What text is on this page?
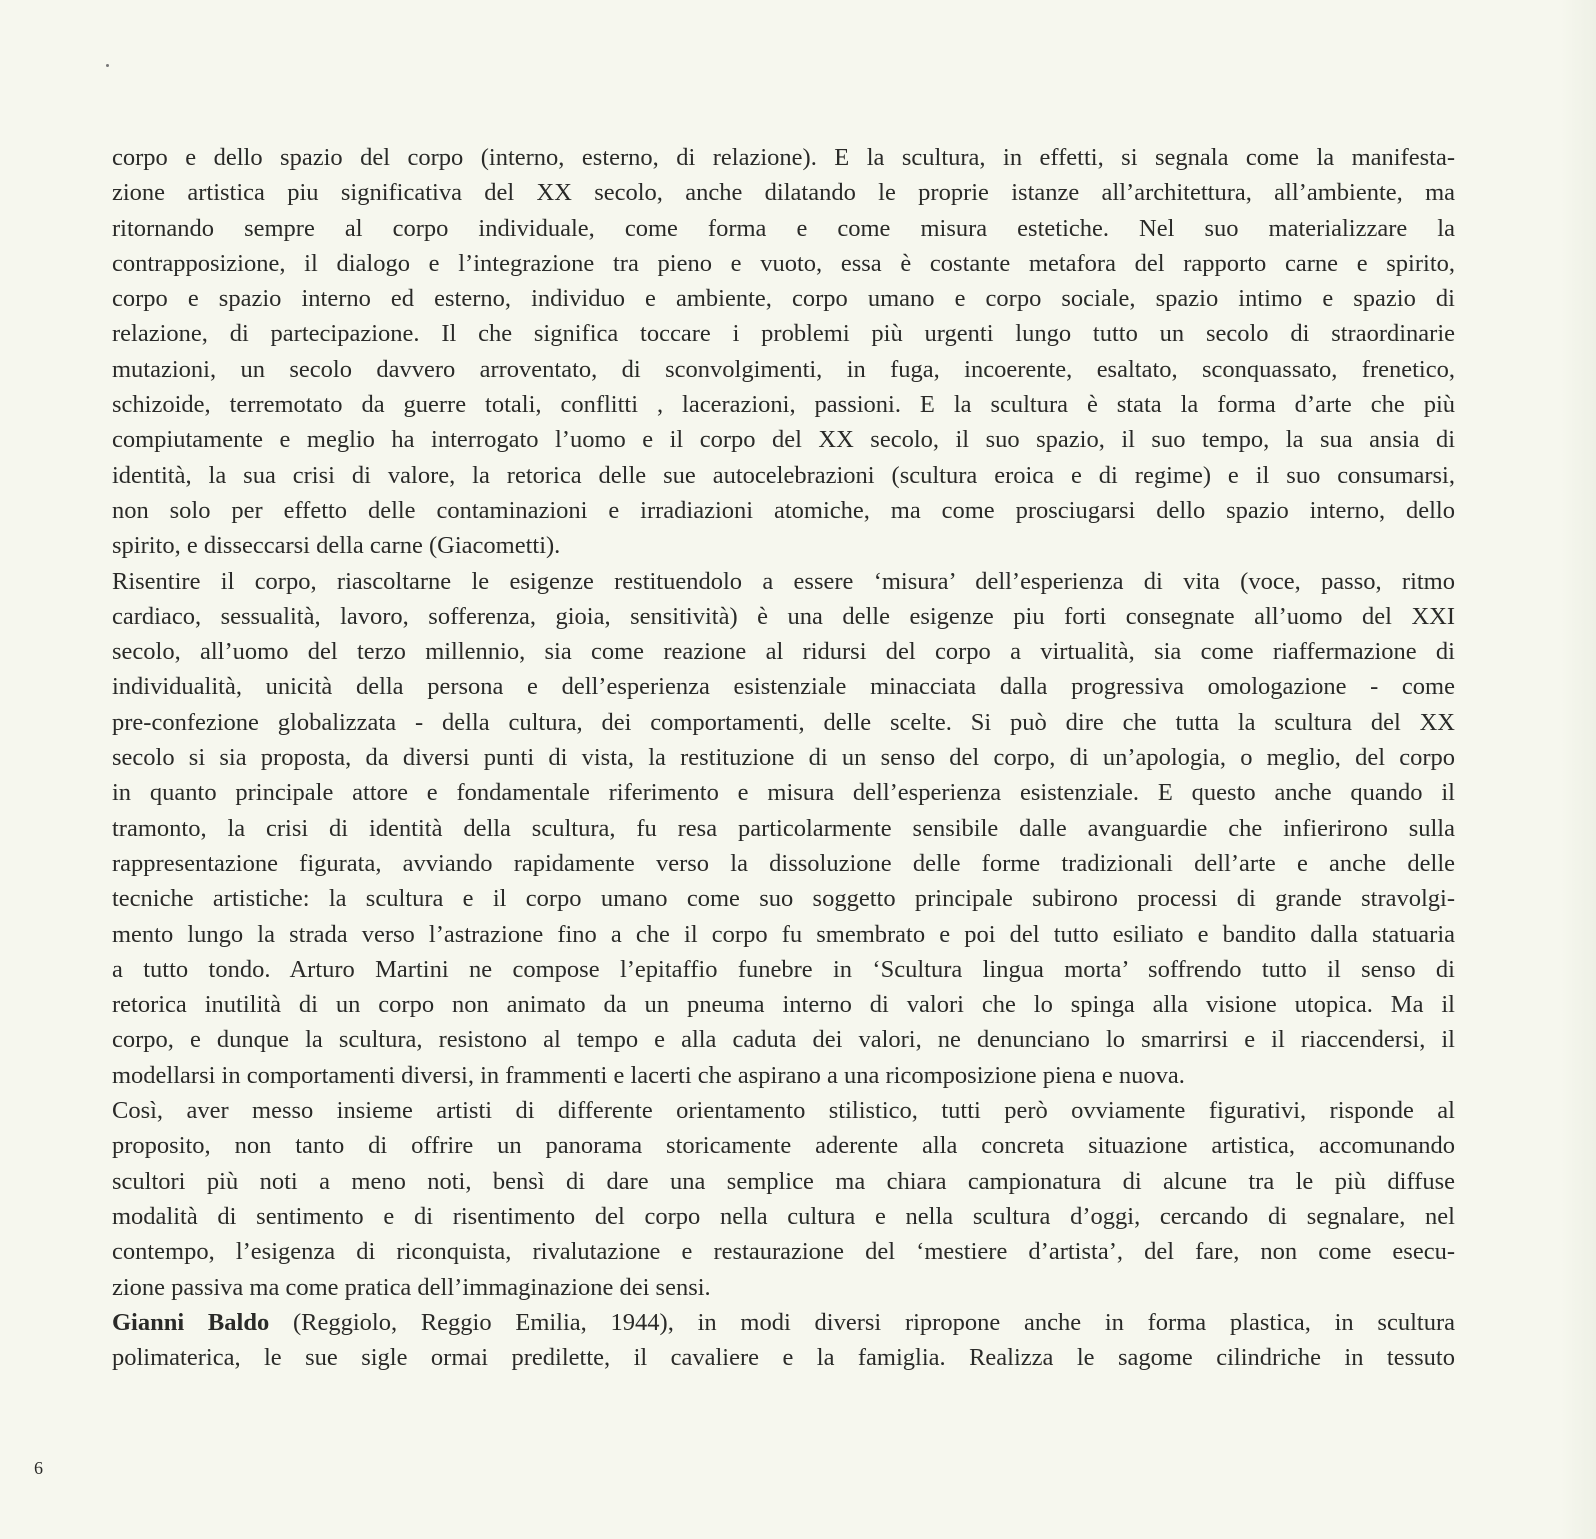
corpo e dello spazio del corpo (interno, esterno, di relazione). E la scultura, in effetti, si segnala come la manifesta-
zione artistica piu significativa del XX secolo, anche dilatando le proprie istanze all’architettura, all’ambiente, ma
ritornando sempre al corpo individuale, come forma e come misura estetiche. Nel suo materializzare la
contrapposizione, il dialogo e l’integrazione tra pieno e vuoto, essa è costante metafora del rapporto carne e spirito,
corpo e spazio interno ed esterno, individuo e ambiente, corpo umano e corpo sociale, spazio intimo e spazio di
relazione, di partecipazione. Il che significa toccare i problemi più urgenti lungo tutto un secolo di straordinarie
mutazioni, un secolo davvero arroventato, di sconvolgimenti, in fuga, incoerente, esaltato, sconquassato, frenetico,
schizoide, terremotato da guerre totali, conflitti , lacerazioni, passioni. E la scultura è stata la forma d’arte che più
compiutamente e meglio ha interrogato l’uomo e il corpo del XX secolo, il suo spazio, il suo tempo, la sua ansia di
identità, la sua crisi di valore, la retorica delle sue autocelebrazioni (scultura eroica e di regime) e il suo consumarsi,
non solo per effetto delle contaminazioni e irradiazioni atomiche, ma come prosciugarsi dello spazio interno, dello
spirito, e disseccarsi della carne (Giacometti).
Risentire il corpo, riascoltarne le esigenze restituendolo a essere ‘misura’ dell’esperienza di vita (voce, passo, ritmo
cardiaco, sessualità, lavoro, sofferenza, gioia, sensitività) è una delle esigenze piu forti consegnate all’uomo del XXI
secolo, all’uomo del terzo millennio, sia come reazione al ridursi del corpo a virtualità, sia come riaffermazione di
individualità, unicità della persona e dell’esperienza esistenziale minacciata dalla progressiva omologazione - come
pre-confezione globalizzata - della cultura, dei comportamenti, delle scelte. Si può dire che tutta la scultura del XX
secolo si sia proposta, da diversi punti di vista, la restituzione di un senso del corpo, di un’apologia, o meglio, del corpo
in quanto principale attore e fondamentale riferimento e misura dell’esperienza esistenziale. E questo anche quando il
tramonto, la crisi di identità della scultura, fu resa particolarmente sensibile dalle avanguardie che infierirono sulla
rappresentazione figurata, avviando rapidamente verso la dissoluzione delle forme tradizionali dell’arte e anche delle
tecniche artistiche: la scultura e il corpo umano come suo soggetto principale subirono processi di grande stravolgi-
mento lungo la strada verso l’astrazione fino a che il corpo fu smembrato e poi del tutto esiliato e bandito dalla statuaria
a tutto tondo. Arturo Martini ne compose l’epitaffio funebre in ‘Scultura lingua morta’ soffrendo tutto il senso di
retorica inutilità di un corpo non animato da un pneuma interno di valori che lo spinga alla visione utopica. Ma il
corpo, e dunque la scultura, resistono al tempo e alla caduta dei valori, ne denunciano lo smarrirsi e il riaccendersi, il
modellarsi in comportamenti diversi, in frammenti e lacerti che aspirano a una ricomposizione piena e nuova.
Così, aver messo insieme artisti di differente orientamento stilistico, tutti però ovviamente figurativi, risponde al
proposito, non tanto di offrire un panorama storicamente aderente alla concreta situazione artistica, accomunando
scultori più noti a meno noti, bensì di dare una semplice ma chiara campionatura di alcune tra le più diffuse
modalità di sentimento e di risentimento del corpo nella cultura e nella scultura d’oggi, cercando di segnalare, nel
contempo, l’esigenza di riconquista, rivalutazione e restaurazione del ‘mestiere d’artista’, del fare, non come esecu-
zione passiva ma come pratica dell’immaginazione dei sensi.
Gianni Baldo (Reggiolo, Reggio Emilia, 1944), in modi diversi ripropone anche in forma plastica, in scultura
polimaterica, le sue sigle ormai predilette, il cavaliere e la famiglia. Realizza le sagome cilindriche in tessuto
6
